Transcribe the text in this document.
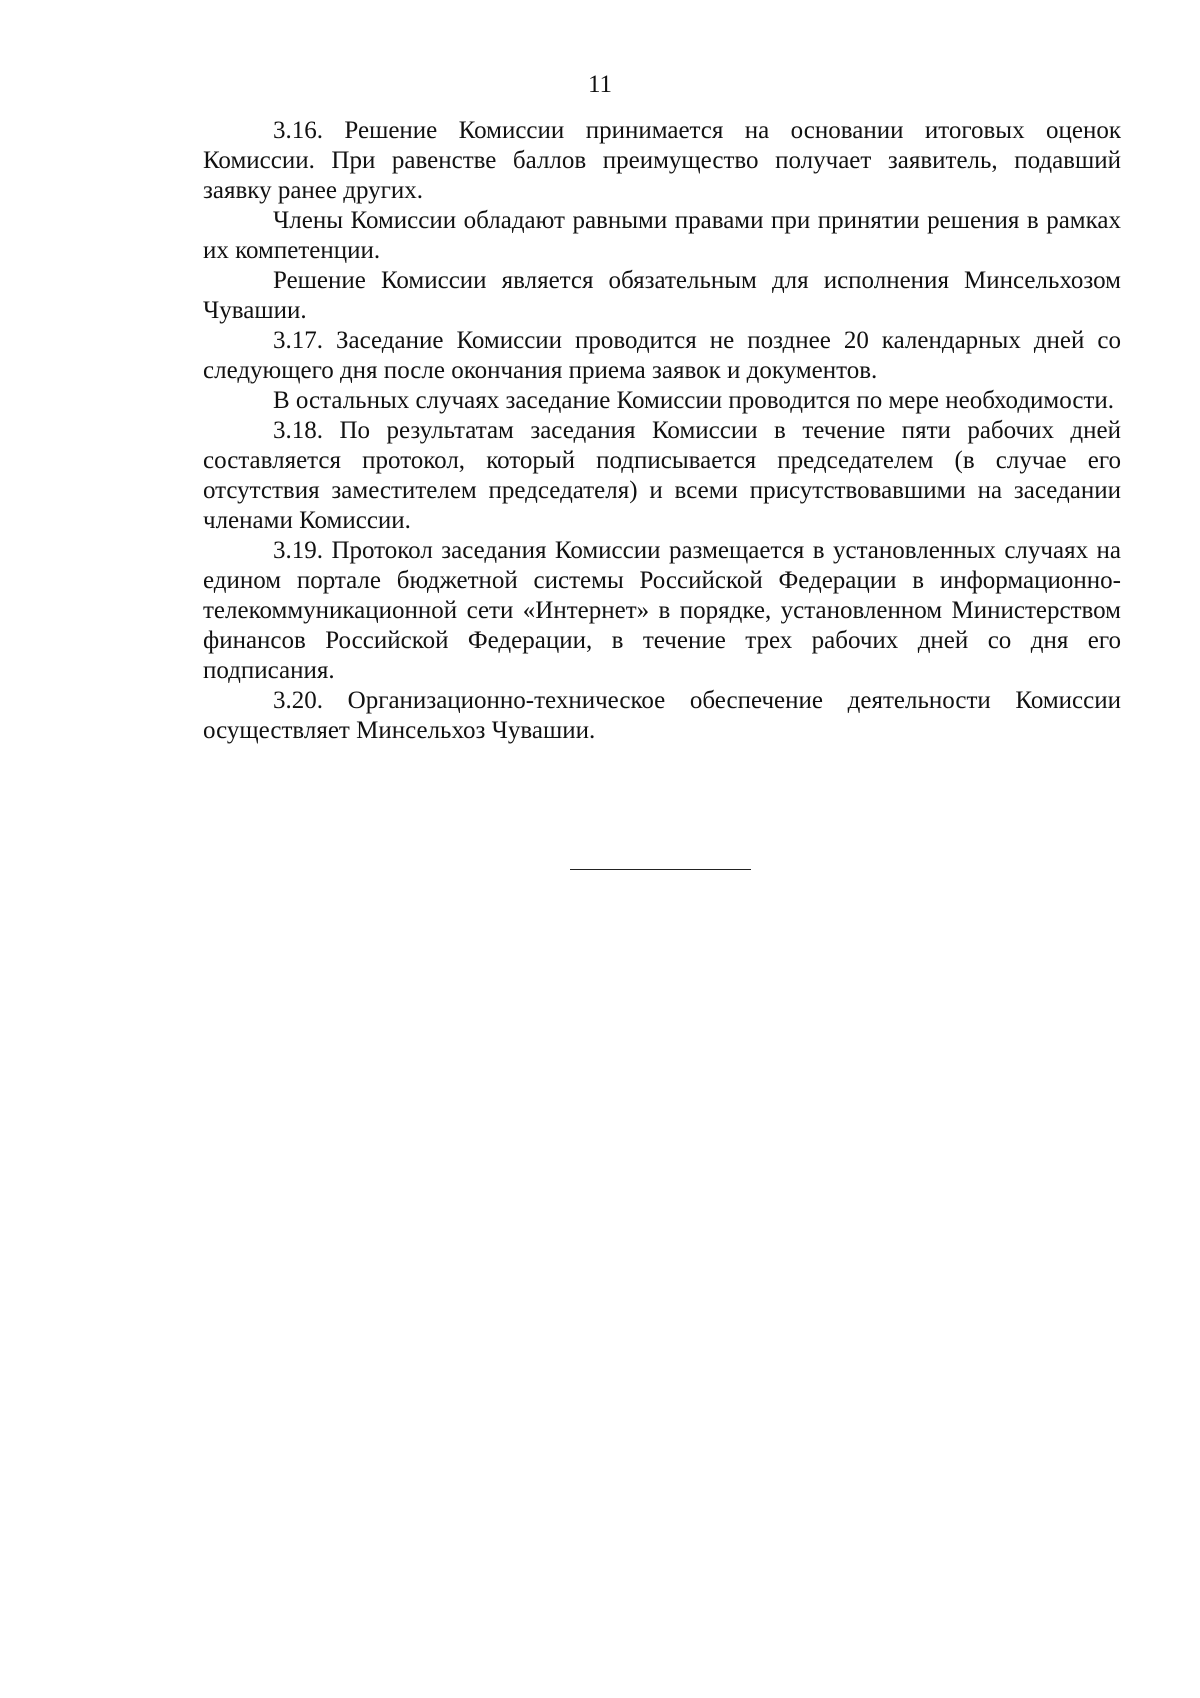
11

3.16. Решение Комиссии принимается на основании итоговых оценок Комиссии. При равенстве баллов преимущество получает заявитель, подавший заявку ранее других.

Члены Комиссии обладают равными правами при принятии решения в рамках их компетенции.

Решение Комиссии является обязательным для исполнения Минсельхозом Чувашии.

3.17. Заседание Комиссии проводится не позднее 20 календарных дней со следующего дня после окончания приема заявок и документов.

В остальных случаях заседание Комиссии проводится по мере необходимости.

3.18. По результатам заседания Комиссии в течение пяти рабочих дней составляется протокол, который подписывается председателем (в случае его отсутствия заместителем председателя) и всеми присутствовавшими на заседании членами Комиссии.

3.19. Протокол заседания Комиссии размещается в установленных случаях на едином портале бюджетной системы Российской Федерации в информационно-телекоммуникационной сети «Интернет» в порядке, установленном Министерством финансов Российской Федерации, в течение трех рабочих дней со дня его подписания.

3.20. Организационно-техническое обеспечение деятельности Комиссии осуществляет Минсельхоз Чувашии.
